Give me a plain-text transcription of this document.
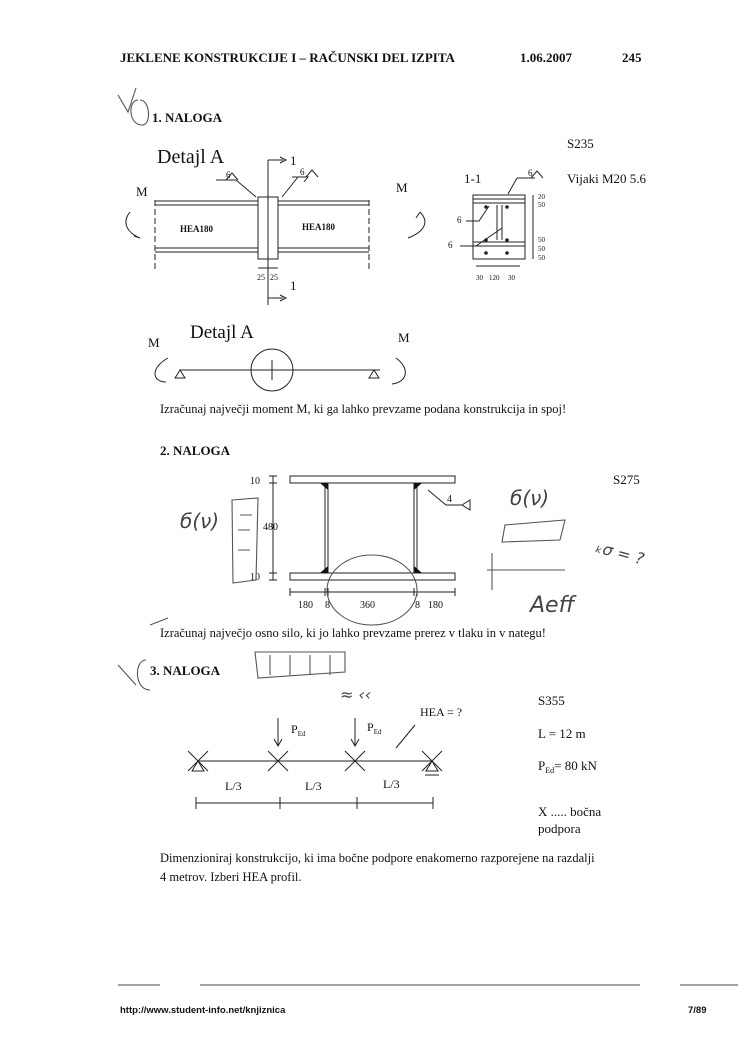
JEKLENE KONSTRUKCIJE I – RAČUNSKI DEL IZPITA	1.06.2007	245
1. NALOGA
Detajl A
M	M
1
1
6	6
HEA180	HEA180
25 25
1-1	6
6
6
20
50
50
50
50
30 120 30
S235
Vijaki M20 5.6
Detajl A
M	M
Izračunaj največji moment M, ki ga lahko prevzame podana konstrukcija in spoj!
2. NALOGA
10
480
10
4
180 8	360	8 180
S275
б(ν)
б(ν)
Aeff
ₖσ = ?
Izračunaj največjo osno silo, ki jo lahko prevzame prerez v tlaku in v nategu!
3. NALOGA
≈ ‹‹
$P_{Ed}$	$P_{Ed}$
HEA = ?
L/3	L/3	L/3
S355
L = 12 m
$P_{Ed}= 80$ kN
X ..... bočna
podpora
Dimenzioniraj konstrukcijo, ki ima bočne podpore enakomerno razporejene na razdalji
4 metrov. Izberi HEA profil.
http://www.student-info.net/knjiznica	7/89
